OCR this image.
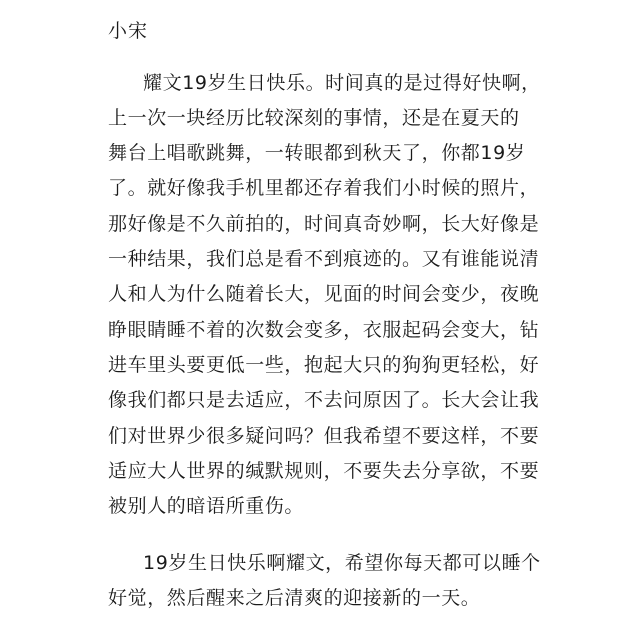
小宋
耀文19岁生日快乐。时间真的是过得好快啊，
上一次一块经历比较深刻的事情，还是在夏天的
舞台上唱歌跳舞，一转眼都到秋天了，你都19岁
了。就好像我手机里都还存着我们小时候的照片，
那好像是不久前拍的，时间真奇妙啊，长大好像是
一种结果，我们总是看不到痕迹的。又有谁能说清
人和人为什么随着长大，见面的时间会变少，夜晚
睁眼睛睡不着的次数会变多，衣服起码会变大，钻
进车里头要更低一些，抱起大只的狗狗更轻松，好
像我们都只是去适应，不去问原因了。长大会让我
们对世界少很多疑问吗？但我希望不要这样，不要
适应大人世界的缄默规则，不要失去分享欲，不要
被别人的暗语所重伤。
19岁生日快乐啊耀文，希望你每天都可以睡个
好觉，然后醒来之后清爽的迎接新的一天。
